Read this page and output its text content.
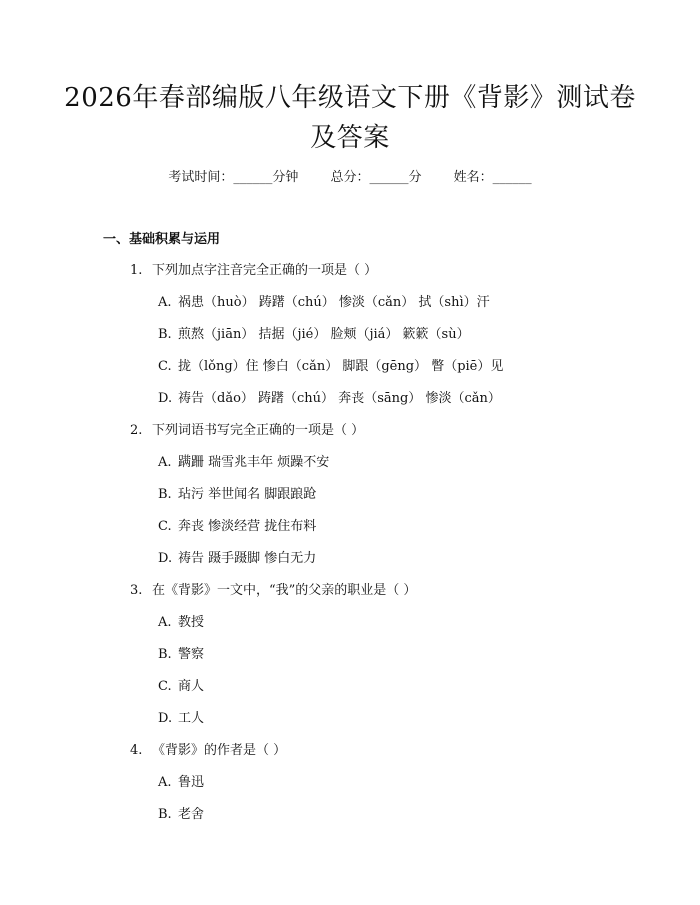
2026年春部编版八年级语文下册《背影》测试卷及答案
考试时间：______分钟 总分：______分 姓名：______
一、基础积累与运用
1. 下列加点字注音完全正确的一项是（ ）
A. 祸患（huò） 踌躇（chú） 惨淡（cǎn） 拭（shì）汗
B. 煎熬（jiān） 拮据（jié） 脸颊（jiá） 簌簌（sù）
C. 拢（lǒng）住 惨白（cǎn） 脚跟（gēng） 瞥（piē）见
D. 祷告（dǎo） 踌躇（chú） 奔丧（sāng） 惨淡（cǎn）
2. 下列词语书写完全正确的一项是（ ）
A. 蹒跚 瑞雪兆丰年 烦躁不安
B. 玷污 举世闻名 脚跟踉跄
C. 奔丧 惨淡经营 拢住布料
D. 祷告 蹑手蹑脚 惨白无力
3. 在《背影》一文中，“我”的父亲的职业是（ ）
A. 教授
B. 警察
C. 商人
D. 工人
4. 《背影》的作者是（ ）
A. 鲁迅
B. 老舍
